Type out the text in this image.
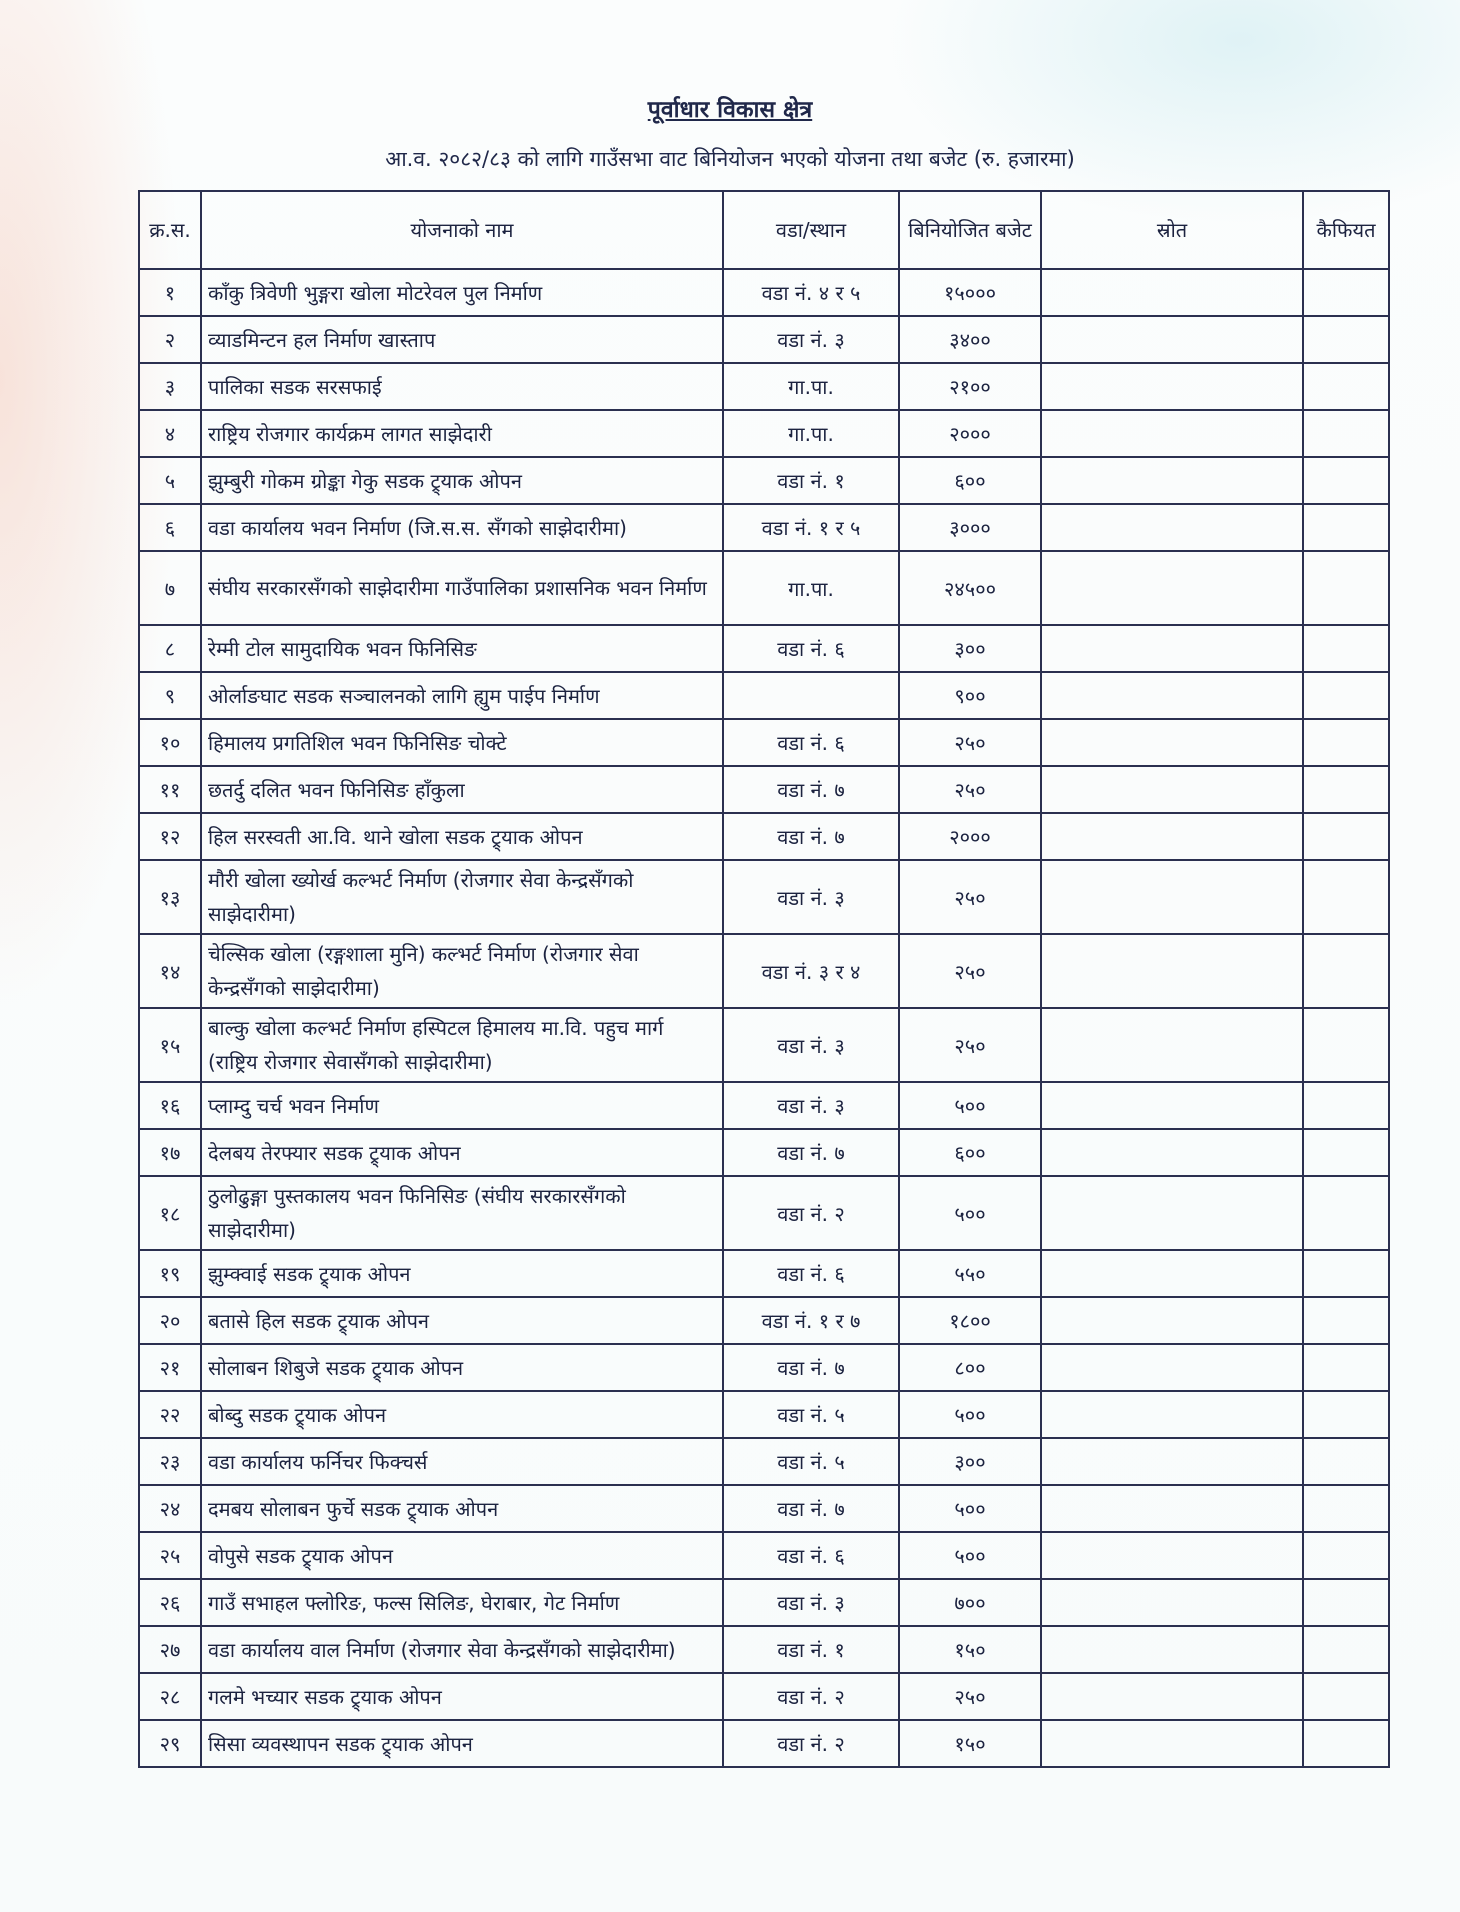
पूर्वाधार विकास क्षेत्र
आ.व. २०८२/८३ को लागि गाउँसभा वाट बिनियोजन भएको योजना तथा बजेट (रु. हजारमा)
क्र.स.	योजनाको नाम	वडा/स्थान	बिनियोजित बजेट	स्रोत	कैफियत
१	काँकु त्रिवेणी भुङ्गरा खोला मोटरेवल पुल निर्माण	वडा नं. ४ र ५	१५०००		
२	व्याडमिन्टन हल निर्माण खास्ताप	वडा नं. ३	३४००		
३	पालिका सडक सरसफाई	गा.पा.	२१००		
४	राष्ट्रिय रोजगार कार्यक्रम लागत साझेदारी	गा.पा.	२०००		
५	झुम्बुरी गोकम ग्रोङ्का गेकु सडक ट्र्याक ओपन	वडा नं. १	६००		
६	वडा कार्यालय भवन निर्माण (जि.स.स. सँगको साझेदारीमा)	वडा नं. १ र ५	३०००		
७	संघीय सरकारसँगको साझेदारीमा गाउँपालिका प्रशासनिक भवन निर्माण	गा.पा.	२४५००		
८	रेम्मी टोल सामुदायिक भवन फिनिसिङ	वडा नं. ६	३००		
९	ओर्लाङघाट सडक सञ्चालनको लागि ह्युम पाईप निर्माण		९००		
१०	हिमालय प्रगतिशिल भवन फिनिसिङ चोक्टे	वडा नं. ६	२५०		
११	छतर्दु दलित भवन फिनिसिङ हाँकुला	वडा नं. ७	२५०		
१२	हिल सरस्वती आ.वि. थाने खोला सडक ट्र्याक ओपन	वडा नं. ७	२०००		
१३	मौरी खोला ख्योर्ख कल्भर्ट निर्माण (रोजगार सेवा केन्द्रसँगको साझेदारीमा)	वडा नं. ३	२५०		
१४	चेल्सिक खोला (रङ्गशाला मुनि) कल्भर्ट निर्माण (रोजगार सेवा केन्द्रसँगको साझेदारीमा)	वडा नं. ३ र ४	२५०		
१५	बाल्कु खोला कल्भर्ट निर्माण हस्पिटल हिमालय मा.वि. पहुच मार्ग (राष्ट्रिय रोजगार सेवासँगको साझेदारीमा)	वडा नं. ३	२५०		
१६	प्लाम्दु चर्च भवन निर्माण	वडा नं. ३	५००		
१७	देलबय तेरफ्यार सडक ट्र्याक ओपन	वडा नं. ७	६००		
१८	ठुलोढुङ्गा पुस्तकालय भवन फिनिसिङ (संघीय सरकारसँगको साझेदारीमा)	वडा नं. २	५००		
१९	झुम्क्वाई सडक ट्र्याक ओपन	वडा नं. ६	५५०		
२०	बतासे हिल सडक ट्र्याक ओपन	वडा नं. १ र ७	१८००		
२१	सोलाबन शिबुजे सडक ट्र्याक ओपन	वडा नं. ७	८००		
२२	बोब्दु सडक ट्र्याक ओपन	वडा नं. ५	५००		
२३	वडा कार्यालय फर्निचर फिक्चर्स	वडा नं. ५	३००		
२४	दमबय सोलाबन फुर्चे सडक ट्र्याक ओपन	वडा नं. ७	५००		
२५	वोपुसे सडक ट्र्याक ओपन	वडा नं. ६	५००		
२६	गाउँ सभाहल फ्लोरिङ, फल्स सिलिङ, घेराबार, गेट निर्माण	वडा नं. ३	७००		
२७	वडा कार्यालय वाल निर्माण (रोजगार सेवा केन्द्रसँगको साझेदारीमा)	वडा नं. १	१५०		
२८	गलमे भच्यार सडक ट्र्याक ओपन	वडा नं. २	२५०		
२९	सिसा व्यवस्थापन सडक ट्र्याक ओपन	वडा नं. २	१५०		
